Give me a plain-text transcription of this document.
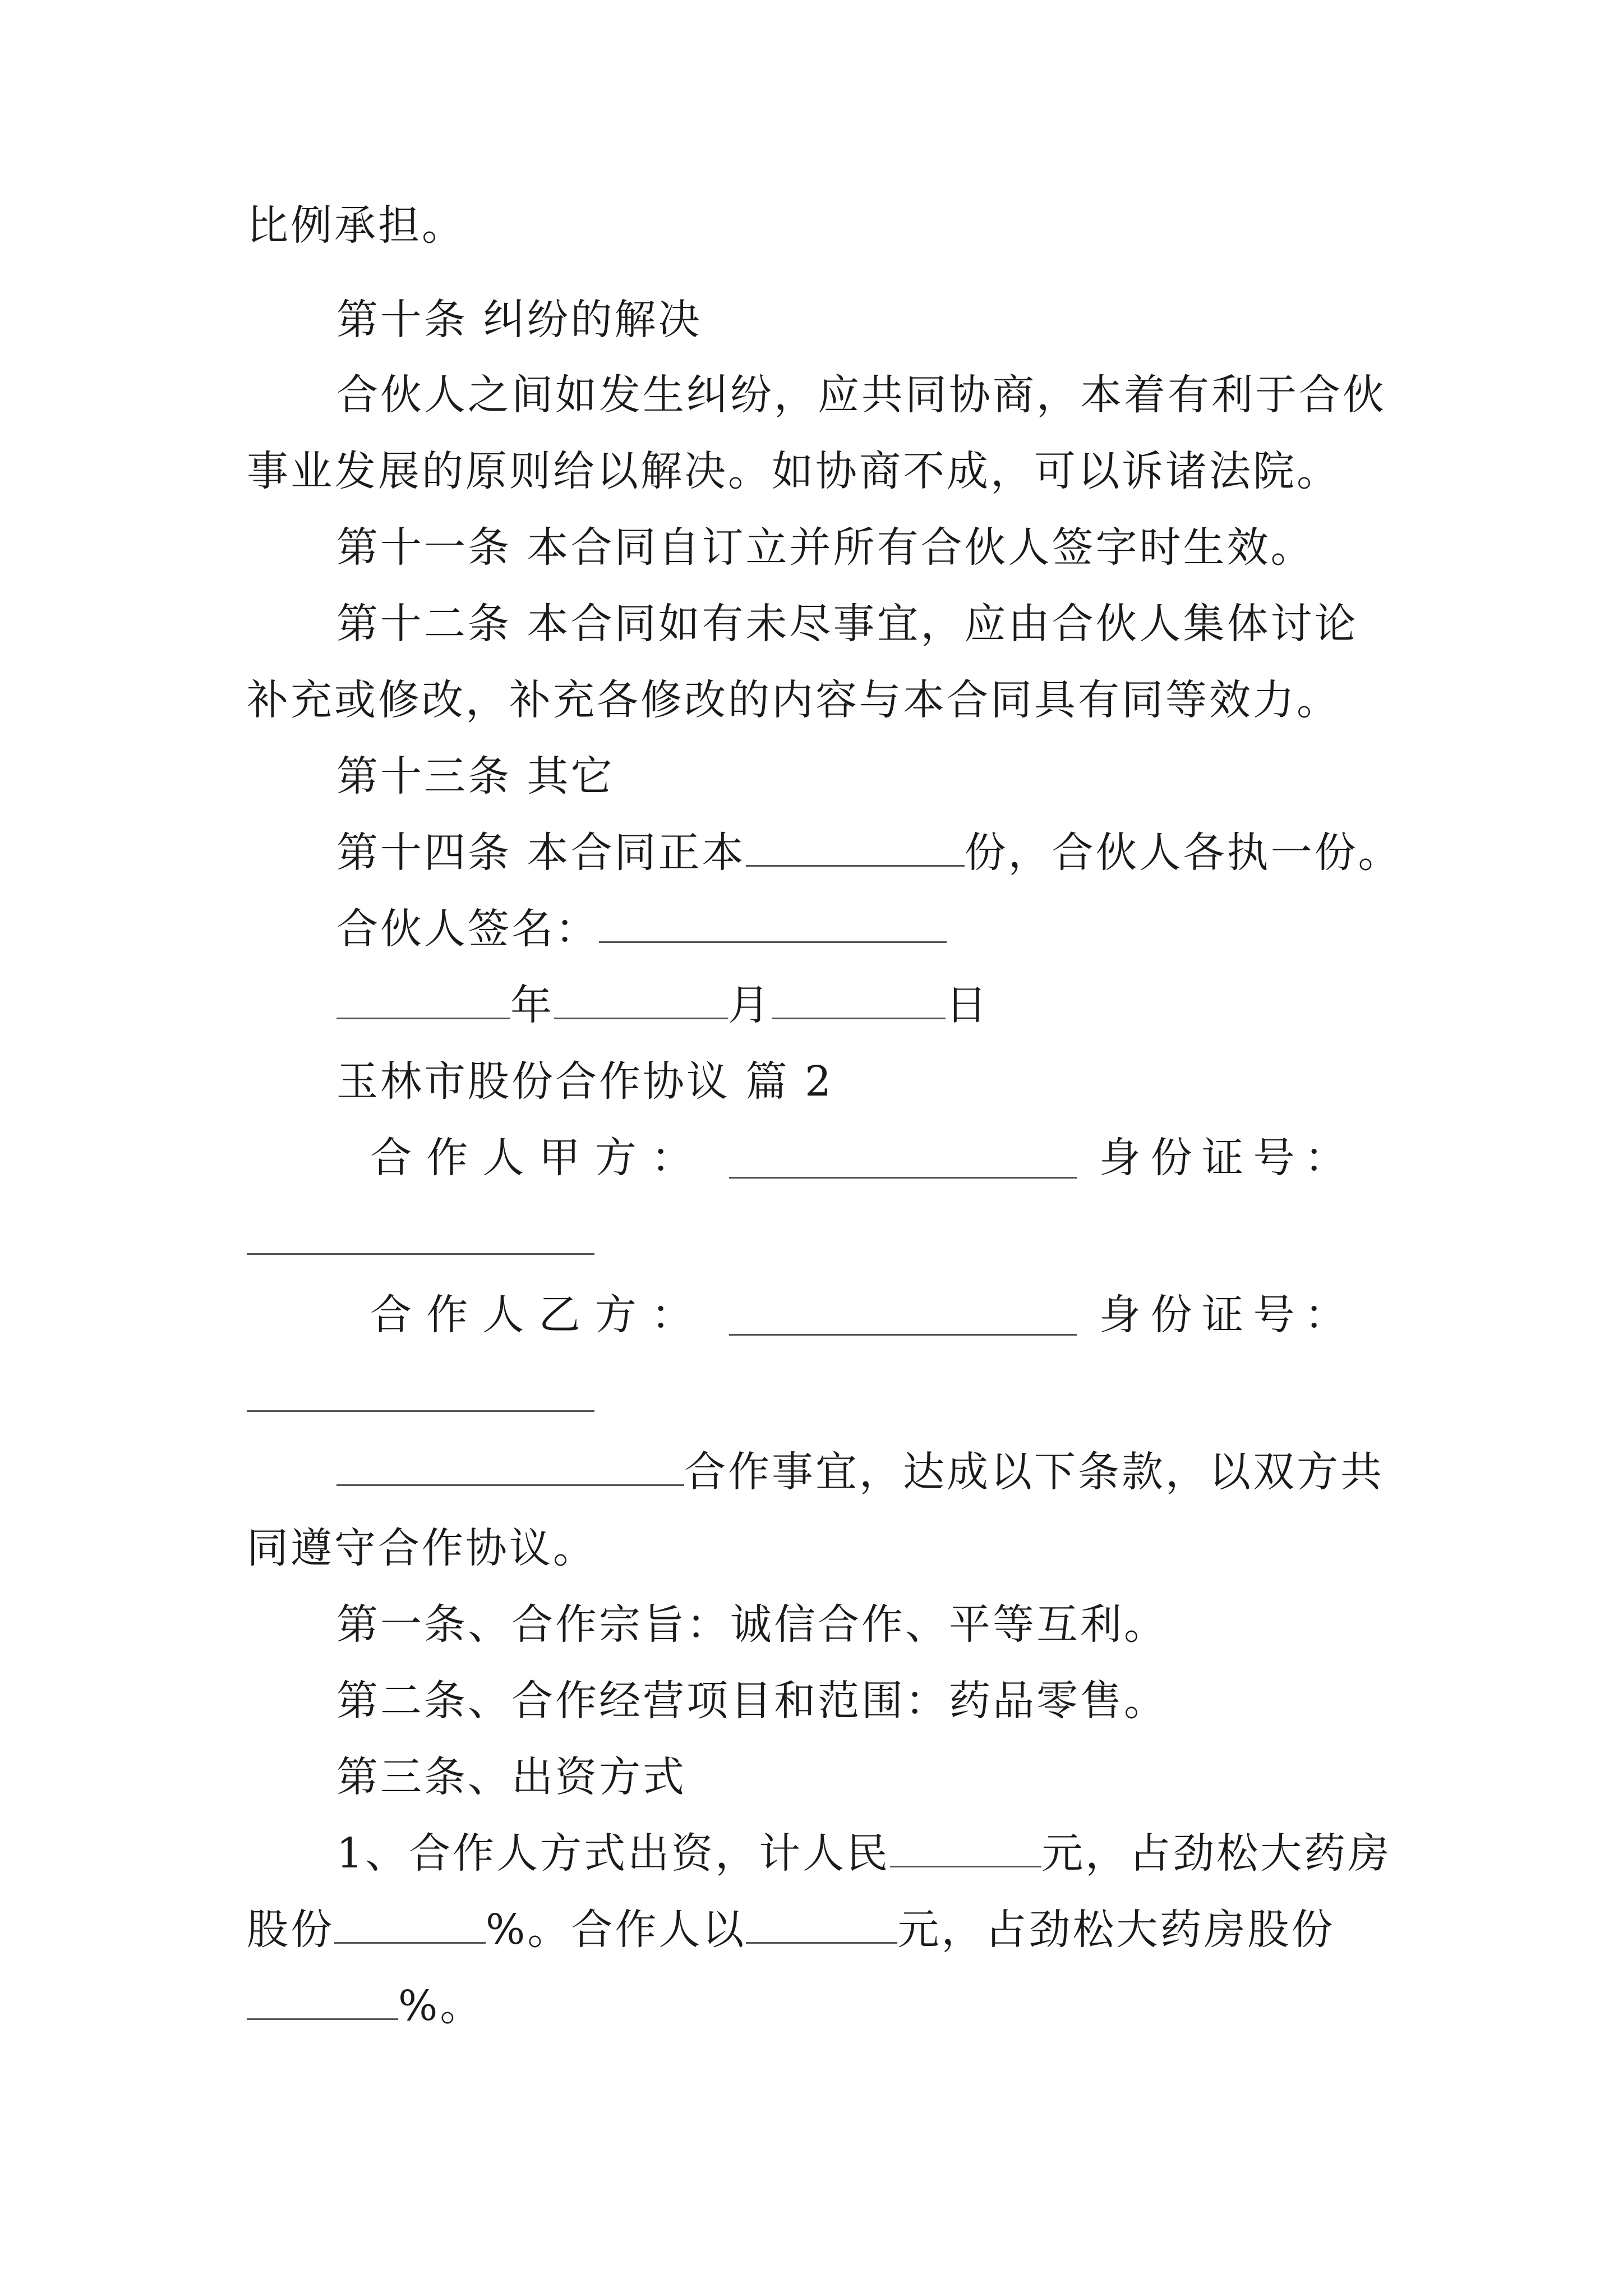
比例承担。
第十条 纠纷的解决
合伙人之间如发生纠纷，应共同协商，本着有利于合伙
事业发展的原则给以解决。如协商不成，可以诉诸法院。
第十一条 本合同自订立并所有合伙人签字时生效。
第十二条 本合同如有未尽事宜，应由合伙人集体讨论
补充或修改，补充各修改的内容与本合同具有同等效力。
第十三条 其它
第十四条 本合同正本	份，合伙人各执一份。
合伙人签名：
年	月	日
玉林市股份合作协议 篇 2
合 作 人 甲 方 ：	身 份 证 号 ：
合 作 人 乙 方 ：	身 份 证 号 ：
合作事宜，达成以下条款，以双方共
同遵守合作协议。
第一条、合作宗旨：诚信合作、平等互利。
第二条、合作经营项目和范围：药品零售。
第三条、出资方式
1、合作人方式出资，计人民	元，占劲松大药房
股份	%。合作人以	元，占劲松大药房股份
%。
